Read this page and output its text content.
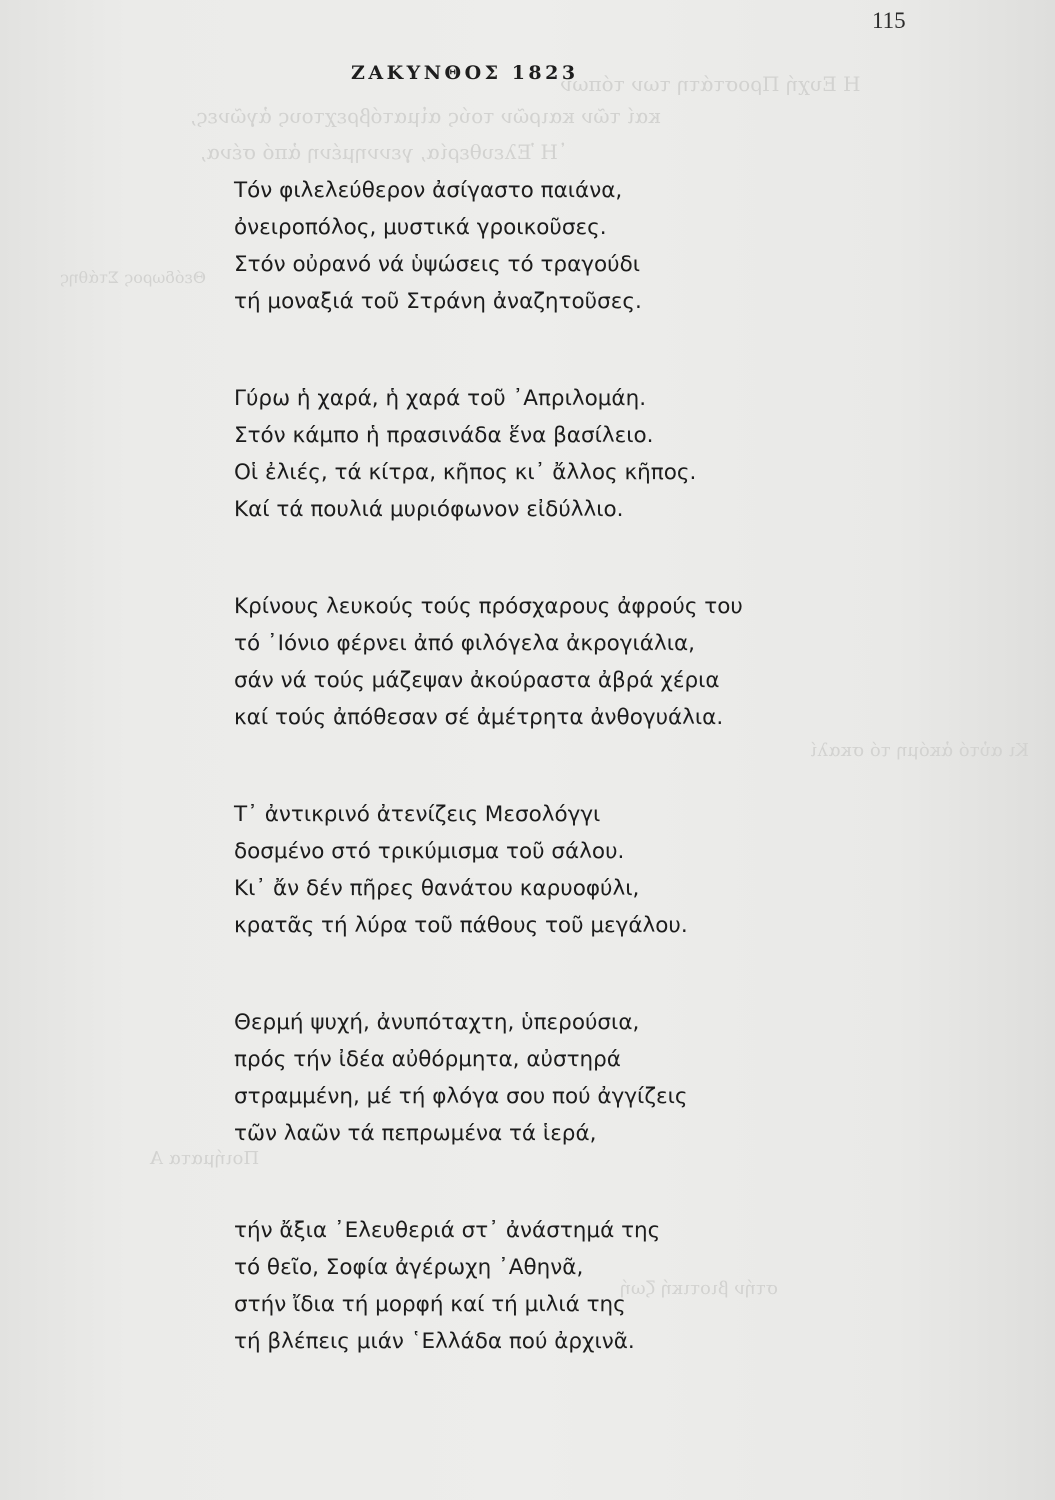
Η Ευχή Προστάτη των τόπων
καί τῶν καιρῶν τούς αἱματόβρεχτους ἀγῶνες,
῾Η Ἐλευθερία, γεννημένη ἀπό σένα,
Θεόδωρος Στάθης
Κι αὐτό ἀκόμη τό σκαλί
Ποιήματα Α
στήν βιοτική ζωή
115
ΖΑΚΥΝΘΟΣ 1823
Τόν φιλελεύθερον ἀσίγαστο παιάνα,
ὀνειροπόλος, μυστικά γροικοῦσες.
Στόν οὐρανό νά ὑψώσεις τό τραγούδι
τή μοναξιά τοῦ Στράνη ἀναζητοῦσες.
Γύρω ἡ χαρά, ἡ χαρά τοῦ ᾿Απριλομάη.
Στόν κάμπο ἡ πρασινάδα ἕνα βασίλειο.
Οἱ ἐλιές, τά κίτρα, κῆπος κι᾿ ἄλλος κῆπος.
Καί τά πουλιά μυριόφωνον εἰδύλλιο.
Κρίνους λευκούς τούς πρόσχαρους ἀφρούς του
τό ᾿Ιόνιο φέρνει ἀπό φιλόγελα ἀκρογιάλια,
σάν νά τούς μάζεψαν ἀκούραστα ἀβρά χέρια
καί τούς ἀπόθεσαν σέ ἀμέτρητα ἀνθογυάλια.
Τ᾿ ἀντικρινό ἀτενίζεις Μεσολόγγι
δοσμένο στό τρικύμισμα τοῦ σάλου.
Κι᾿ ἄν δέν πῆρες θανάτου καρυοφύλι,
κρατᾶς τή λύρα τοῦ πάθους τοῦ μεγάλου.
Θερμή ψυχή, ἀνυπόταχτη, ὑπερούσια,
πρός τήν ἰδέα αὐθόρμητα, αὐστηρά
στραμμένη, μέ τή φλόγα σου πού ἀγγίζεις
τῶν λαῶν τά πεπρωμένα τά ἱερά,
τήν ἄξια ᾿Ελευθεριά στ᾿ ἀνάστημά της
τό θεῖο, Σοφία ἀγέρωχη ᾿Αθηνᾶ,
στήν ἴδια τή μορφή καί τή μιλιά της
τή βλέπεις μιάν ῾Ελλάδα πού ἀρχινᾶ.
